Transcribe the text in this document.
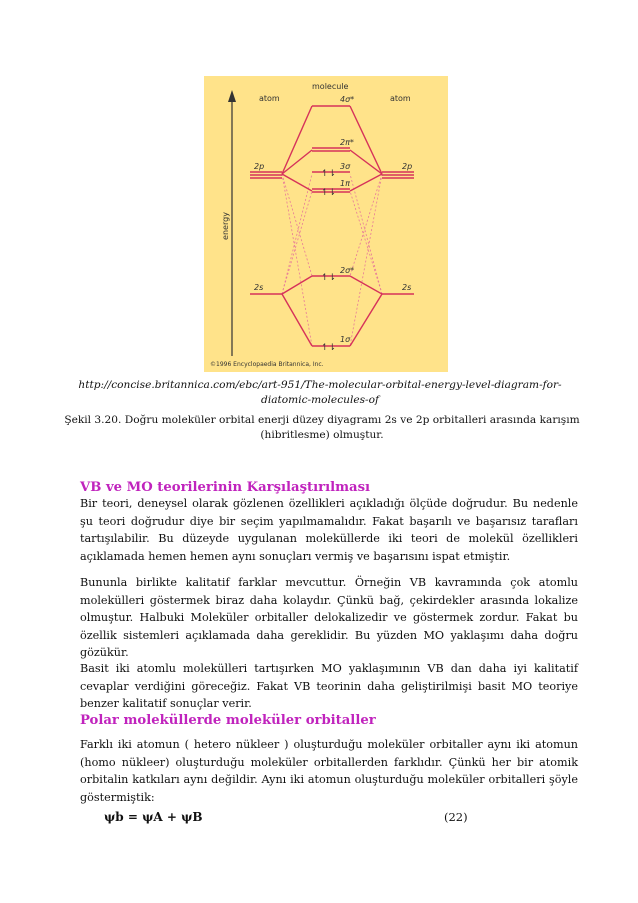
energy
atom
molecule
atom
↿⇂
↿⇂
↿⇂
↿⇂
2p	2p
2s	2s
4σ*
2π*
3σ
1π
2σ*
1σ
©1996 Encyclopaedia Britannica, Inc.
http://concise.britannica.com/ebc/art-951/The-molecular-orbital-energy-level-diagram-for-diatomic-molecules-of
Şekil 3.20. Doğru moleküler orbital enerji düzey diyagramı 2s ve 2p orbitalleri arasında karışım (hibritlesme) olmuştur.
VB ve MO teorilerinin Karşılaştırılması
Bir teori, deneysel olarak gözlenen özellikleri açıkladığı ölçüde doğrudur. Bu nedenle şu teori doğrudur diye bir seçim yapılmamalıdır. Fakat başarılı ve başarısız tarafları tartışılabilir. Bu düzeyde uygulanan moleküllerde iki teori de molekül özellikleri açıklamada hemen hemen aynı sonuçları vermiş ve başarısını ispat etmiştir.
Bununla birlikte kalitatif farklar mevcuttur. Örneğin VB kavramında çok atomlu molekülleri göstermek biraz daha kolaydır. Çünkü bağ, çekirdekler arasında lokalize olmuştur. Halbuki Moleküler orbitaller delokalizedir ve göstermek zordur. Fakat bu özellik sistemleri açıklamada daha gereklidir. Bu yüzden MO yaklaşımı daha doğru gözükür.
Basit iki atomlu molekülleri tartışırken MO yaklaşımının VB dan daha iyi kalitatif cevaplar verdiğini göreceğiz. Fakat VB teorinin daha geliştirilmişi basit MO teoriye benzer kalitatif sonuçlar verir.
Polar moleküllerde moleküler orbitaller
Farklı iki atomun ( hetero nükleer ) oluşturduğu moleküler orbitaller aynı iki atomun (homo nükleer) oluşturduğu moleküler orbitallerden farklıdır. Çünkü her bir atomik orbitalin katkıları aynı değildir. Aynı iki atomun oluşturduğu moleküler orbitalleri şöyle göstermiştik:
ψb = ψA + ψB	(22)
